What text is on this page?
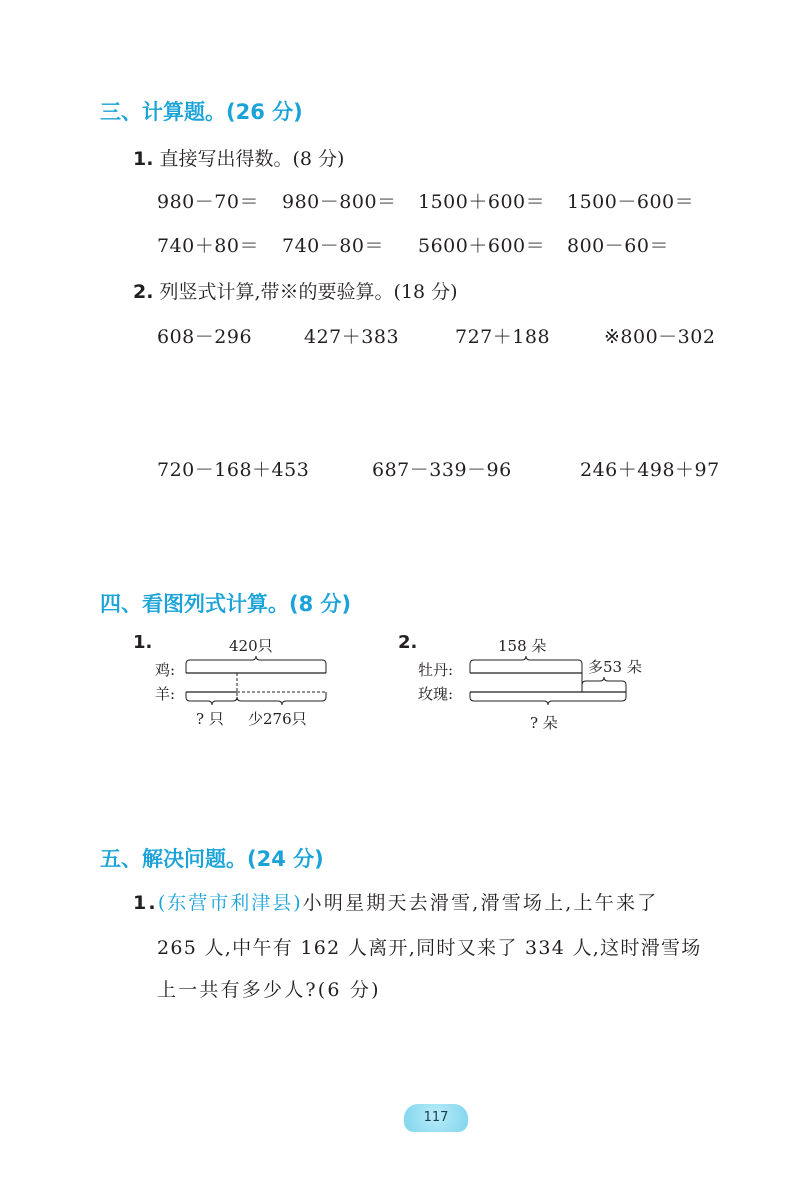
三、计算题。(26 分)
1. 直接写出得数。(8 分)
980－70＝ 980－800＝ 1500＋600＝ 1500－600＝
740＋80＝ 740－80＝ 5600＋600＝ 800－60＝
2. 列竖式计算,带※的要验算。(18 分)
608－296	427＋383	727＋188	※800－302
720－168＋453	687－339－96	246＋498＋97
四、看图列式计算。(8 分)
1.	420只
鸡:
羊:
? 只 少276只
2.	158 朵
多53 朵
牡丹:
玫瑰:
? 朵
五、解决问题。(24 分)
1.(东营市利津县)小明星期天去滑雪,滑雪场上,上午来了
265 人,中午有 162 人离开,同时又来了 334 人,这时滑雪场
上一共有多少人?(6 分)
117
